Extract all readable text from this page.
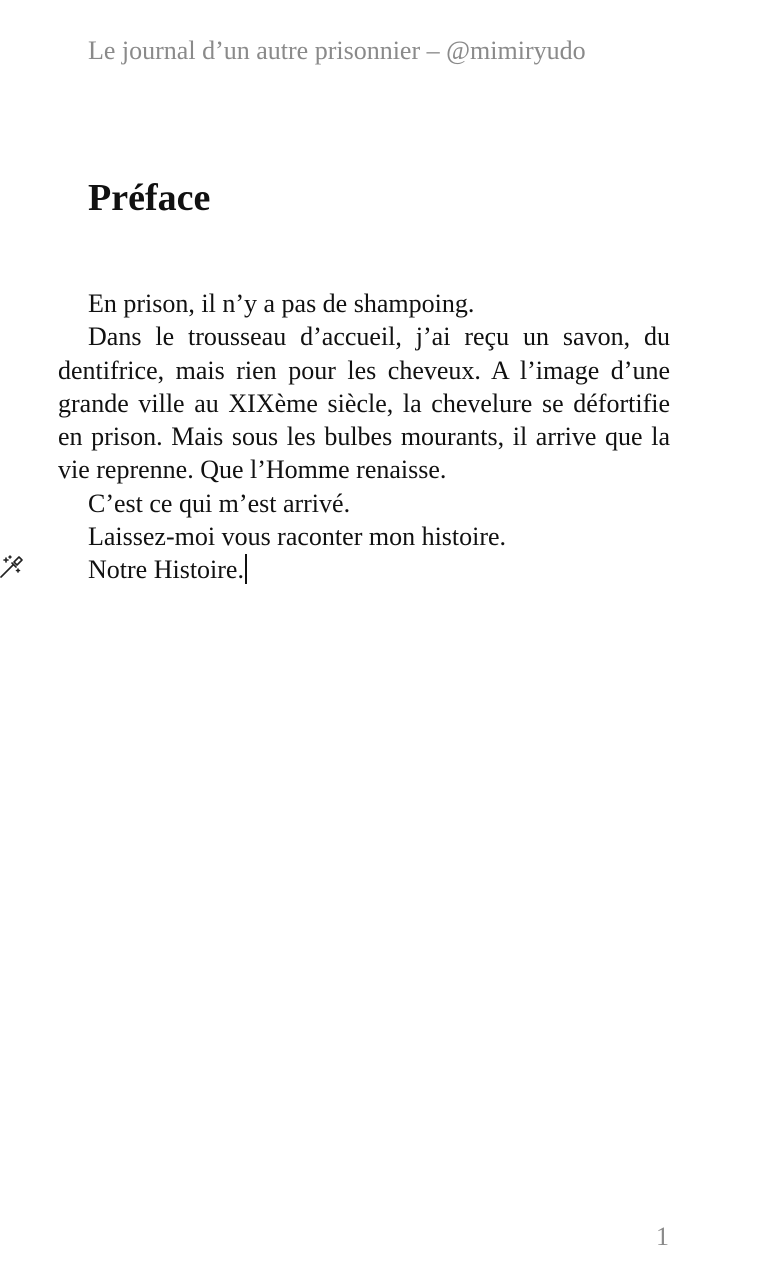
Le journal d’un autre prisonnier – @mimiryudo
Préface

En prison, il n’y a pas de shampoing.

Dans le trousseau d’accueil, j’ai reçu un savon, du dentifrice, mais rien pour les cheveux. A l’image d’une grande ville au XIXème siècle, la chevelure se défortifie en prison. Mais sous les bulbes mourants, il arrive que la vie reprenne. Que l’Homme renaisse.

C’est ce qui m’est arrivé.

Laissez-moi vous raconter mon histoire.

Notre Histoire.

1
